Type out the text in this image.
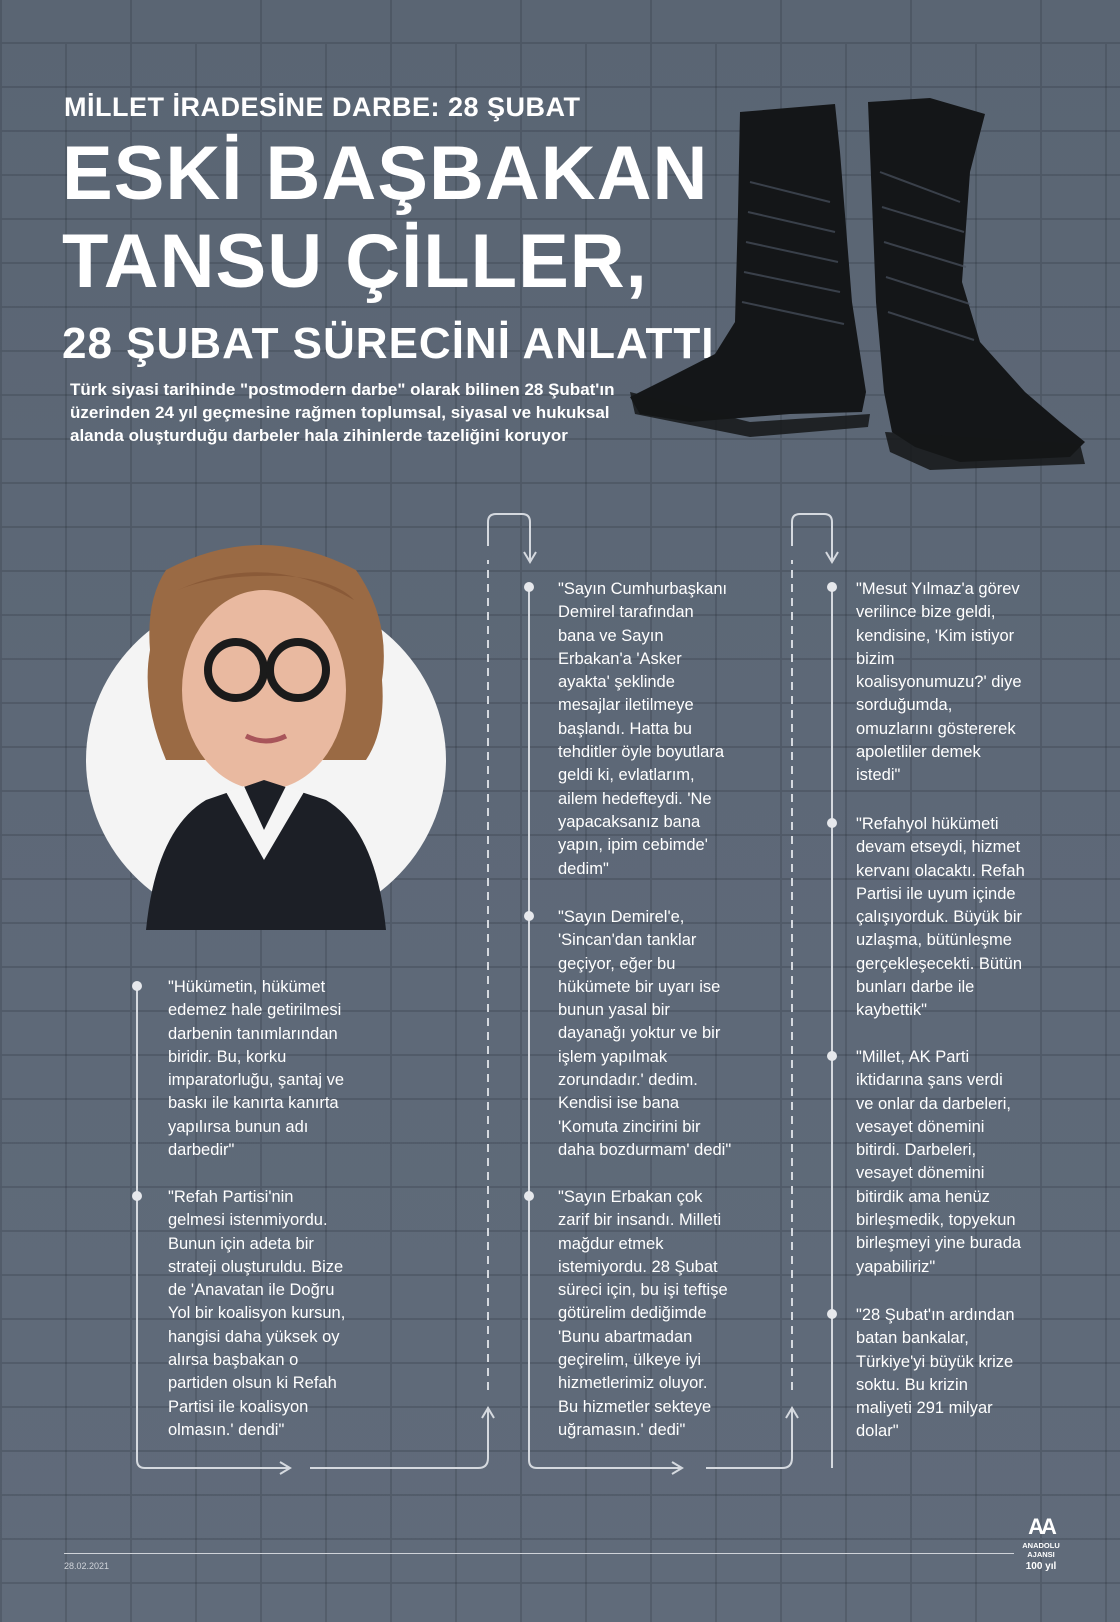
MİLLET İRADESİNE DARBE: 28 ŞUBAT
ESKİ BAŞBAKAN
TANSU ÇİLLER,
28 ŞUBAT SÜRECİNİ ANLATTI
Türk siyasi tarihinde "postmodern darbe" olarak bilinen 28 Şubat'ın üzerinden 24 yıl geçmesine rağmen toplumsal, siyasal ve hukuksal alanda oluşturduğu darbeler hala zihinlerde tazeliğini koruyor
"Hükümetin, hükümet
edemez hale getirilmesi
darbenin tanımlarından
biridir. Bu, korku
imparatorluğu, şantaj ve
baskı ile kanırta kanırta
yapılırsa bunun adı
darbedir"
"Refah Partisi'nin
gelmesi istenmiyordu.
Bunun için adeta bir
strateji oluşturuldu. Bize
de 'Anavatan ile Doğru
Yol bir koalisyon kursun,
hangisi daha yüksek oy
alırsa başbakan o
partiden olsun ki Refah
Partisi ile koalisyon
olmasın.' dendi"
"Sayın Cumhurbaşkanı
Demirel tarafından
bana ve Sayın
Erbakan'a 'Asker
ayakta' şeklinde
mesajlar iletilmeye
başlandı. Hatta bu
tehditler öyle boyutlara
geldi ki, evlatlarım,
ailem hedefteydi. 'Ne
yapacaksanız bana
yapın, ipim cebimde'
dedim"
"Sayın Demirel'e,
'Sincan'dan tanklar
geçiyor, eğer bu
hükümete bir uyarı ise
bunun yasal bir
dayanağı yoktur ve bir
işlem yapılmak
zorundadır.' dedim.
Kendisi ise bana
'Komuta zincirini bir
daha bozdurmam' dedi"
"Sayın Erbakan çok
zarif bir insandı. Milleti
mağdur etmek
istemiyordu. 28 Şubat
süreci için, bu işi teftişe
götürelim dediğimde
'Bunu abartmadan
geçirelim, ülkeye iyi
hizmetlerimiz oluyor.
Bu hizmetler sekteye
uğramasın.' dedi"
"Mesut Yılmaz'a görev
verilince bize geldi,
kendisine, 'Kim istiyor
bizim
koalisyonumuzu?' diye
sorduğumda,
omuzlarını göstererek
apoletliler demek
istedi"
"Refahyol hükümeti
devam etseydi, hizmet
kervanı olacaktı. Refah
Partisi ile uyum içinde
çalışıyorduk. Büyük bir
uzlaşma, bütünleşme
gerçekleşecekti. Bütün
bunları darbe ile
kaybettik"
"Millet, AK Parti
iktidarına şans verdi
ve onlar da darbeleri,
vesayet dönemini
bitirdi. Darbeleri,
vesayet dönemini
bitirdik ama henüz
birleşmedik, topyekun
birleşmeyi yine burada
yapabiliriz"
"28 Şubat'ın ardından
batan bankalar,
Türkiye'yi büyük krize
soktu. Bu krizin
maliyeti 291 milyar
dolar"
28.02.2021
AA
ANADOLU AJANSI
100 yıl
